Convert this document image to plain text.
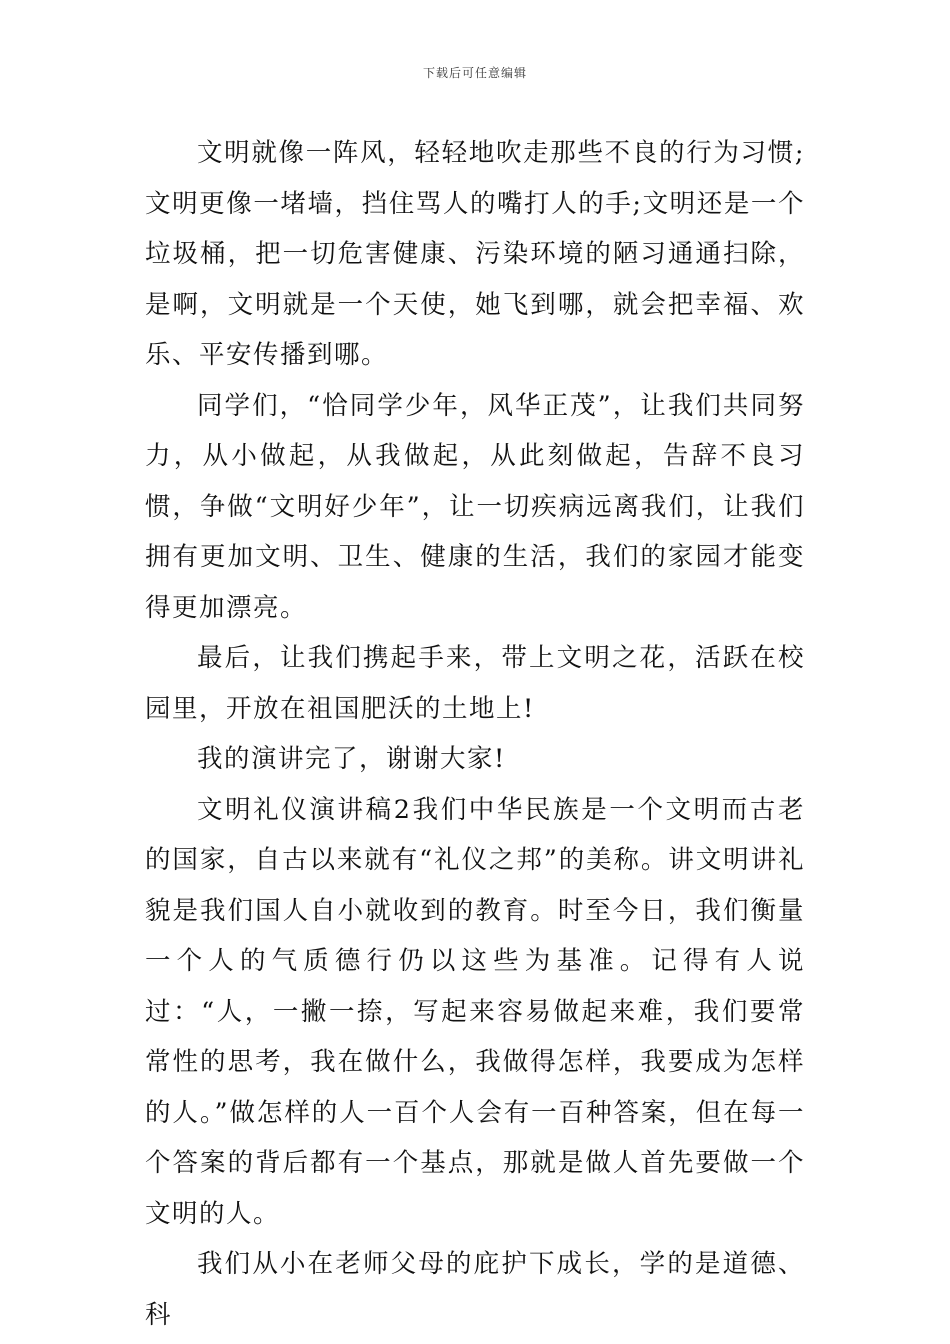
下载后可任意编辑

文明就像一阵风，轻轻地吹走那些不良的行为习惯;文明更像一堵墙，挡住骂人的嘴打人的手;文明还是一个垃圾桶，把一切危害健康、污染环境的陋习通通扫除，是啊，文明就是一个天使，她飞到哪，就会把幸福、欢乐、平安传播到哪。

同学们，“恰同学少年，风华正茂”，让我们共同努力，从小做起，从我做起，从此刻做起，告辞不良习惯，争做“文明好少年”，让一切疾病远离我们，让我们拥有更加文明、卫生、健康的生活，我们的家园才能变得更加漂亮。

最后，让我们携起手来，带上文明之花，活跃在校园里，开放在祖国肥沃的土地上!

我的演讲完了，谢谢大家!

文明礼仪演讲稿2我们中华民族是一个文明而古老的国家，自古以来就有“礼仪之邦”的美称。讲文明讲礼貌是我们国人自小就收到的教育。时至今日，我们衡量一个人的气质德行仍以这些为基准。记得有人说过：“人，一撇一捺，写起来容易做起来难，我们要常常性的思考，我在做什么，我做得怎样，我要成为怎样的人。”做怎样的人一百个人会有一百种答案，但在每一个答案的背后都有一个基点，那就是做人首先要做一个文明的人。

我们从小在老师父母的庇护下成长，学的是道德、科
